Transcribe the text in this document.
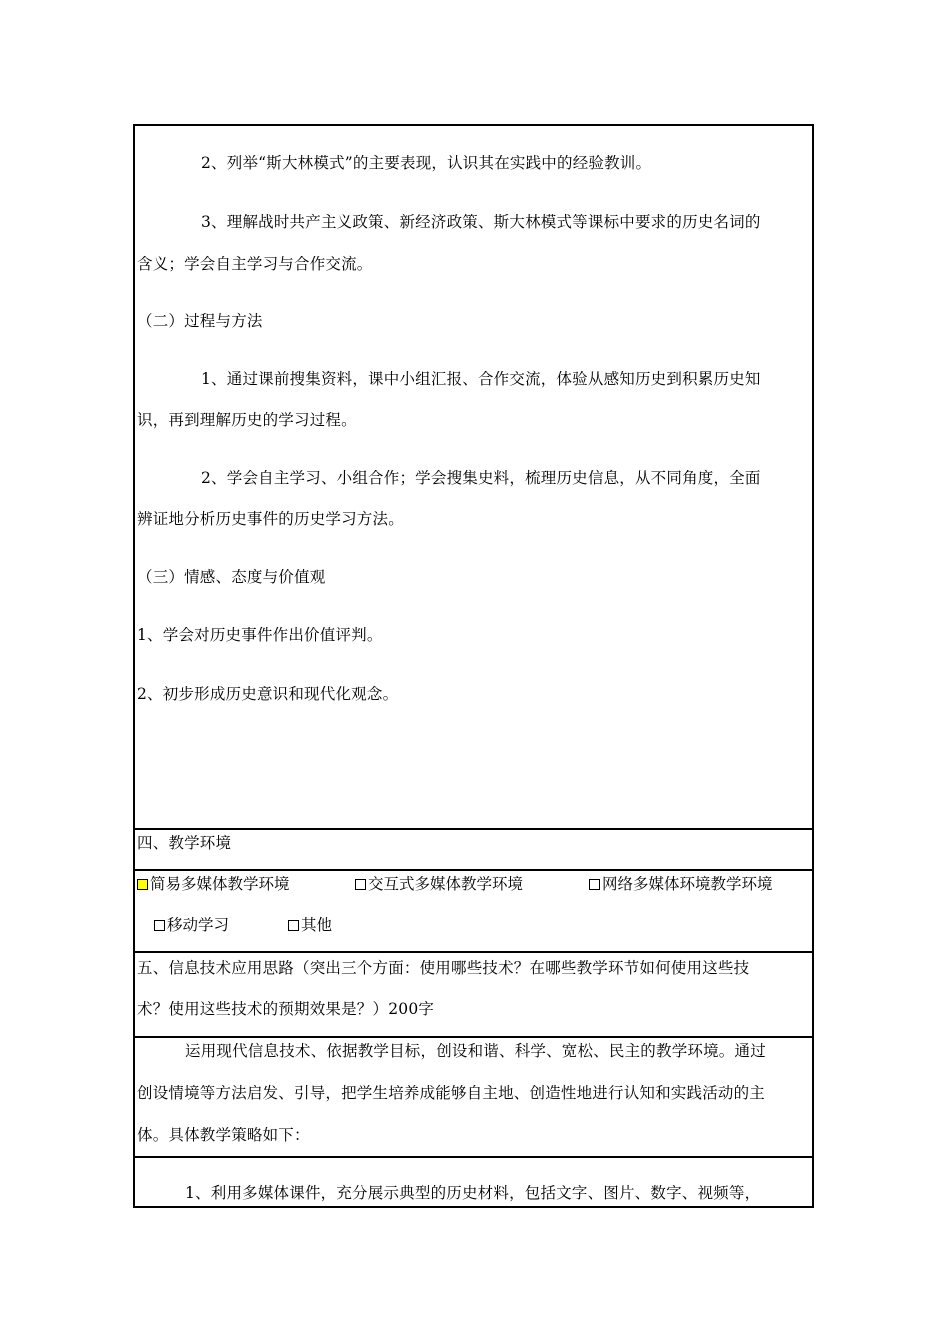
2、列举“斯大林模式”的主要表现，认识其在实践中的经验教训。
3、理解战时共产主义政策、新经济政策、斯大林模式等课标中要求的历史名词的
含义；学会自主学习与合作交流。
（二）过程与方法
1、通过课前搜集资料，课中小组汇报、合作交流，体验从感知历史到积累历史知
识，再到理解历史的学习过程。
2、学会自主学习、小组合作；学会搜集史料，梳理历史信息，从不同角度，全面
辨证地分析历史事件的历史学习方法。
（三）情感、态度与价值观
1、学会对历史事件作出价值评判。
2、初步形成历史意识和现代化观念。
四、教学环境
简易多媒体教学环境	交互式多媒体教学环境	网络多媒体环境教学环境
移动学习	其他
五、信息技术应用思路（突出三个方面：使用哪些技术？在哪些教学环节如何使用这些技
术？使用这些技术的预期效果是？）200字
运用现代信息技术、依据教学目标，创设和谐、科学、宽松、民主的教学环境。通过
创设情境等方法启发、引导，把学生培养成能够自主地、创造性地进行认知和实践活动的主
体。具体教学策略如下：
1、利用多媒体课件，充分展示典型的历史材料，包括文字、图片、数字、视频等，
